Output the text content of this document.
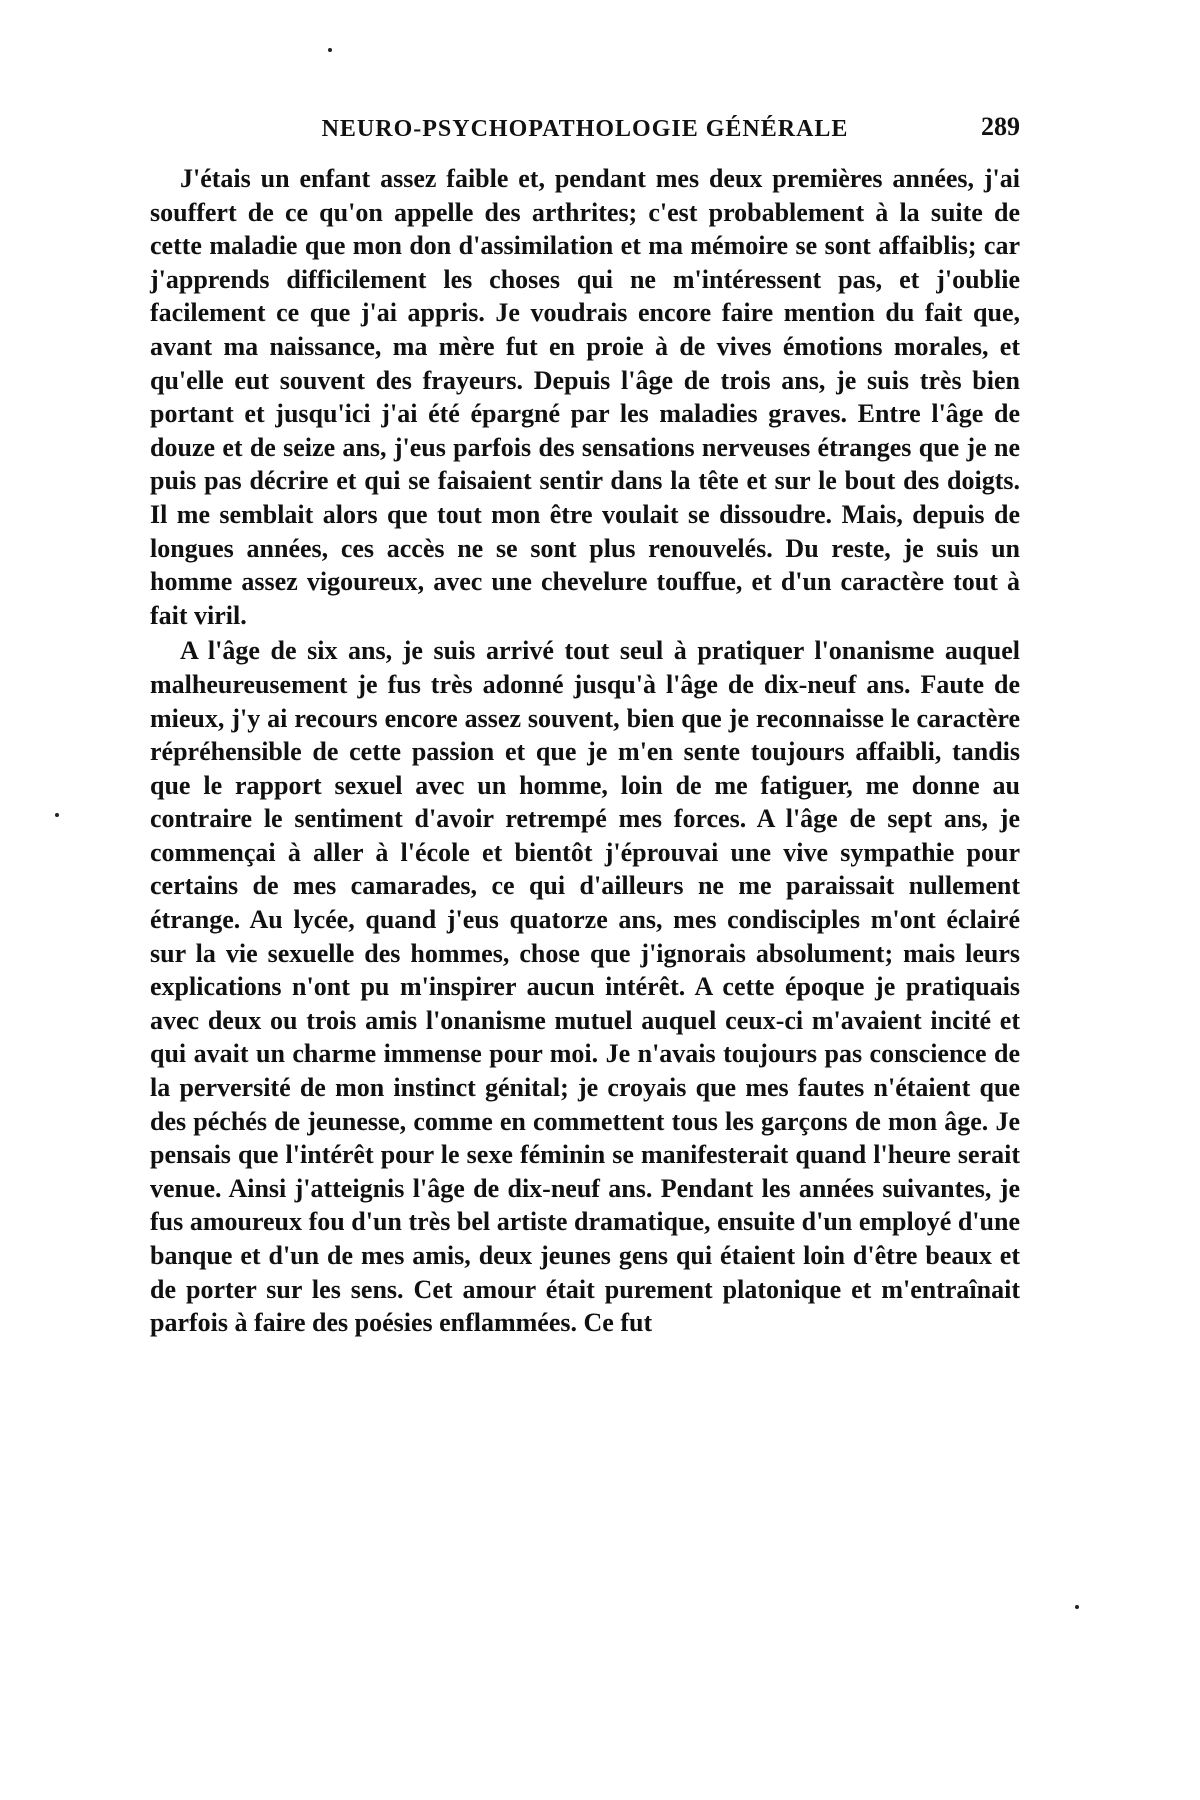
NEURO-PSYCHOPATHOLOGIE GÉNÉRALE	289

J'étais un enfant assez faible et, pendant mes deux premières années, j'ai souffert de ce qu'on appelle des arthrites; c'est probablement à la suite de cette maladie que mon don d'assimilation et ma mémoire se sont affaiblis; car j'apprends difficilement les choses qui ne m'intéressent pas, et j'oublie facilement ce que j'ai appris. Je voudrais encore faire mention du fait que, avant ma naissance, ma mère fut en proie à de vives émotions morales, et qu'elle eut souvent des frayeurs. Depuis l'âge de trois ans, je suis très bien portant et jusqu'ici j'ai été épargné par les maladies graves. Entre l'âge de douze et de seize ans, j'eus parfois des sensations nerveuses étranges que je ne puis pas décrire et qui se faisaient sentir dans la tête et sur le bout des doigts. Il me semblait alors que tout mon être voulait se dissoudre. Mais, depuis de longues années, ces accès ne se sont plus renouvelés. Du reste, je suis un homme assez vigoureux, avec une chevelure touffue, et d'un caractère tout à fait viril.

A l'âge de six ans, je suis arrivé tout seul à pratiquer l'onanisme auquel malheureusement je fus très adonné jusqu'à l'âge de dix-neuf ans. Faute de mieux, j'y ai recours encore assez souvent, bien que je reconnaisse le caractère répréhensible de cette passion et que je m'en sente toujours affaibli, tandis que le rapport sexuel avec un homme, loin de me fatiguer, me donne au contraire le sentiment d'avoir retrempé mes forces. A l'âge de sept ans, je commençai à aller à l'école et bientôt j'éprouvai une vive sympathie pour certains de mes camarades, ce qui d'ailleurs ne me paraissait nullement étrange. Au lycée, quand j'eus quatorze ans, mes condisciples m'ont éclairé sur la vie sexuelle des hommes, chose que j'ignorais absolument; mais leurs explications n'ont pu m'inspirer aucun intérêt. A cette époque je pratiquais avec deux ou trois amis l'onanisme mutuel auquel ceux-ci m'avaient incité et qui avait un charme immense pour moi. Je n'avais toujours pas conscience de la perversité de mon instinct génital; je croyais que mes fautes n'étaient que des péchés de jeunesse, comme en commettent tous les garçons de mon âge. Je pensais que l'intérêt pour le sexe féminin se manifesterait quand l'heure serait venue. Ainsi j'atteignis l'âge de dix-neuf ans. Pendant les années suivantes, je fus amoureux fou d'un très bel artiste dramatique, ensuite d'un employé d'une banque et d'un de mes amis, deux jeunes gens qui étaient loin d'être beaux et de porter sur les sens. Cet amour était purement platonique et m'entraînait parfois à faire des poésies enflammées. Ce fut
